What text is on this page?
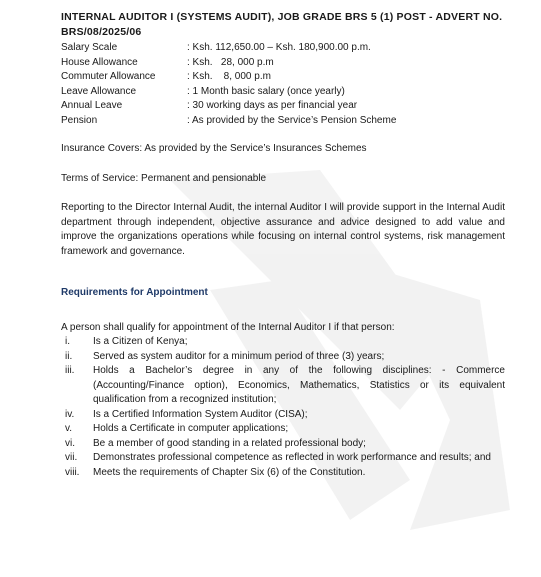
INTERNAL AUDITOR I (SYSTEMS AUDIT), JOB GRADE BRS 5 (1) POST - ADVERT NO. BRS/08/2025/06

Salary Scale	: Ksh. 112,650.00 – Ksh. 180,900.00 p.m.
House Allowance	: Ksh.   28, 000 p.m
Commuter Allowance	: Ksh.    8, 000 p.m
Leave Allowance	: 1 Month basic salary (once yearly)
Annual Leave	: 30 working days as per financial year
Pension	: As provided by the Service’s Pension Scheme

Insurance Covers: As provided by the Service’s Insurances Schemes

Terms of Service: Permanent and pensionable

Reporting to the Director Internal Audit, the internal Auditor I will provide support in the Internal Audit department through independent, objective assurance and advice designed to add value and improve the organizations operations while focusing on internal control systems, risk management framework and governance.

Requirements for Appointment

A person shall qualify for appointment of the Internal Auditor I if that person:

i.	Is a Citizen of Kenya;
ii.	Served as system auditor for a minimum period of three (3) years;
iii.	Holds a Bachelor’s degree in any of the following disciplines: - Commerce (Accounting/Finance option), Economics, Mathematics, Statistics or its equivalent qualification from a recognized institution;
iv.	Is a Certified Information System Auditor (CISA);
v.	Holds a Certificate in computer applications;
vi.	Be a member of good standing in a related professional body;
vii.	Demonstrates professional competence as reflected in work performance and results; and
viii.	Meets the requirements of Chapter Six (6) of the Constitution.
